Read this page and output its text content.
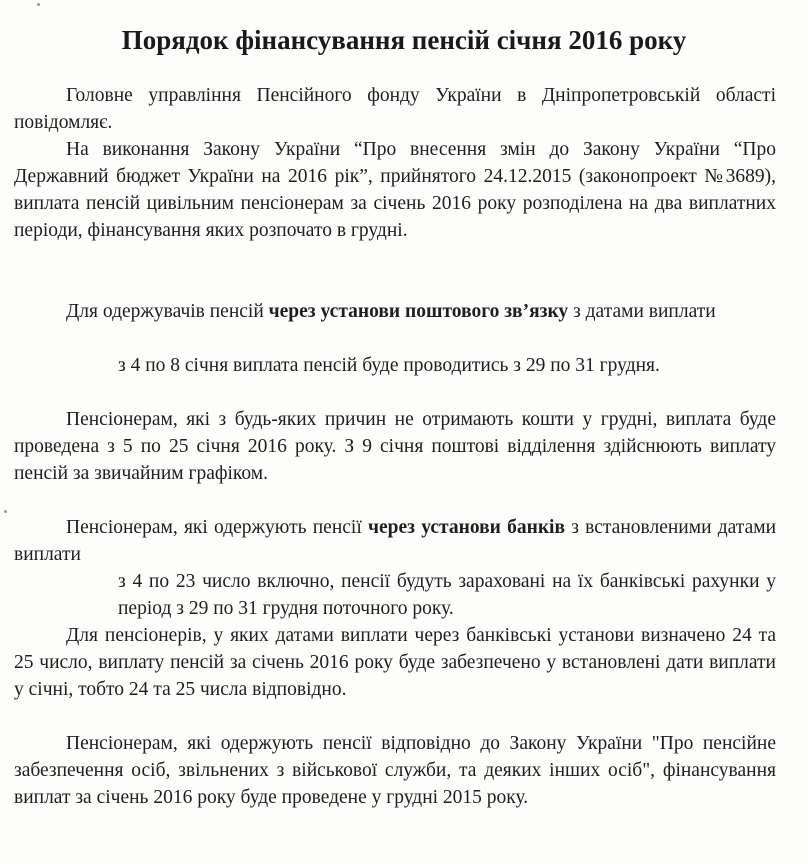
Порядок фінансування пенсій січня 2016 року

Головне управління Пенсійного фонду України в Дніпропетровській області повідомляє.

На виконання Закону України “Про внесення змін до Закону України “Про Державний бюджет України на 2016 рік”, прийнятого 24.12.2015 (законопроект №3689), виплата пенсій цивільним пенсіонерам за січень 2016 року розподілена на два виплатних періоди, фінансування яких розпочато в грудні.

Для одержувачів пенсій через установи поштового зв’язку з датами виплати

з 4 по 8 січня виплата пенсій буде проводитись з 29 по 31 грудня.

Пенсіонерам, які з будь-яких причин не отримають кошти у грудні, виплата буде проведена з 5 по 25 січня 2016 року. З 9 січня поштові відділення здійснюють виплату пенсій за звичайним графіком.

Пенсіонерам, які одержують пенсії через установи банків з встановленими датами виплати

з 4 по 23 число включно, пенсії будуть зараховані на їх банківські рахунки у період з 29 по 31 грудня поточного року.

Для пенсіонерів, у яких датами виплати через банківські установи визначено 24 та 25 число, виплату пенсій за січень 2016 року буде забезпечено у встановлені дати виплати у січні, тобто 24 та 25 числа відповідно.

Пенсіонерам, які одержують пенсії відповідно до Закону України "Про пенсійне забезпечення осіб, звільнених з військової служби, та деяких інших осіб", фінансування виплат за січень 2016 року буде проведене у грудні 2015 року.
